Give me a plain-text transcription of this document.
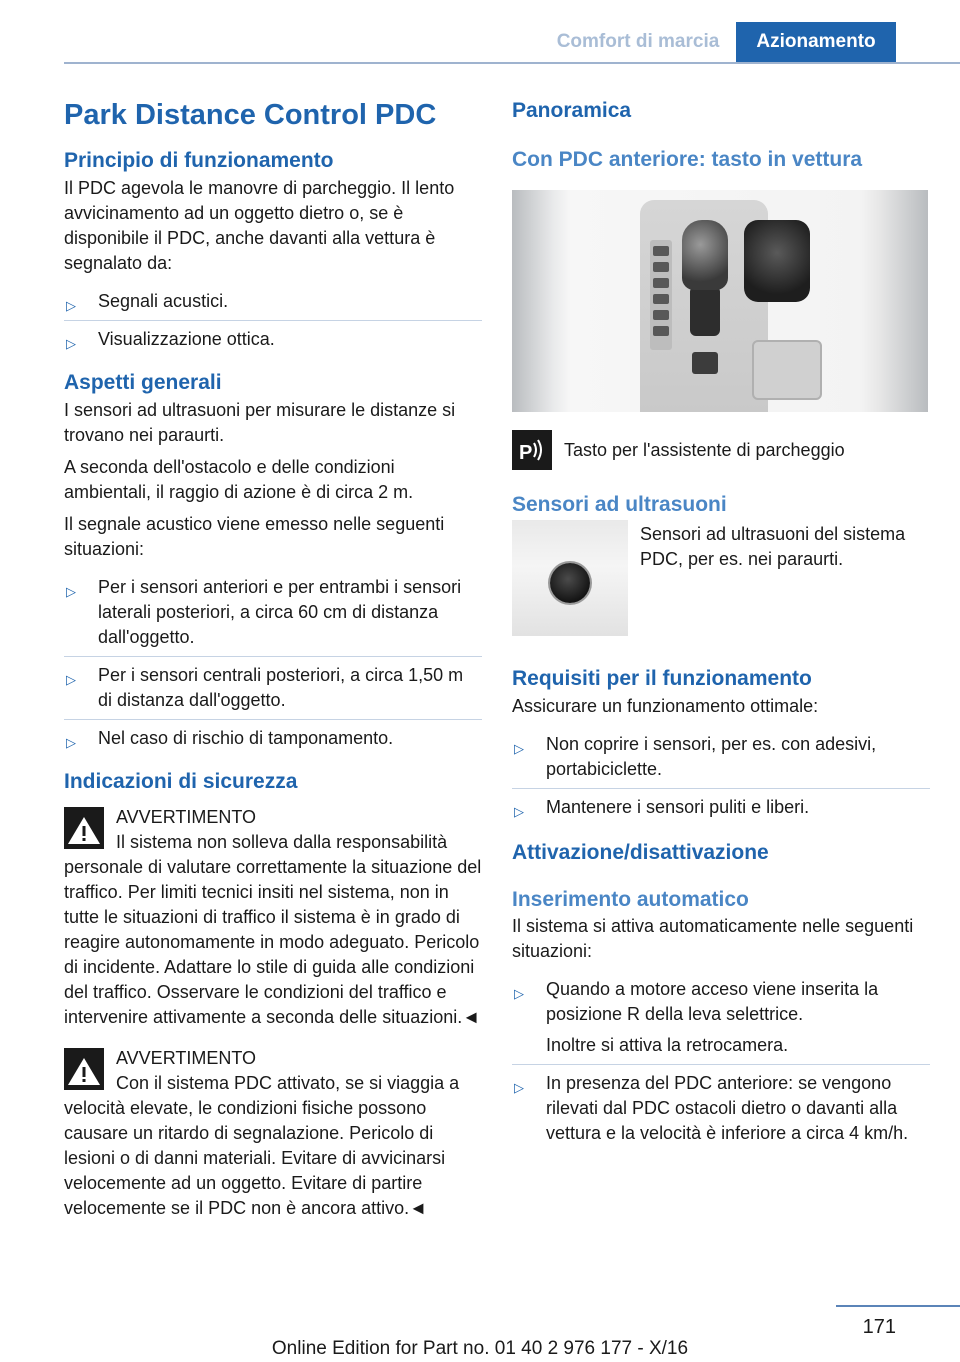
Comfort di marcia	Azionamento
Park Distance Control PDC
Principio di funzionamento

Il PDC agevola le manovre di parcheggio. Il lento avvicinamento ad un oggetto dietro o, se è disponibile il PDC, anche davanti alla vettura è segnalato da:

▷ Segnali acustici.
▷ Visualizzazione ottica.
Aspetti generali

I sensori ad ultrasuoni per misurare le distanze si trovano nei paraurti.

A seconda dell'ostacolo e delle condizioni ambientali, il raggio di azione è di circa 2 m.

Il segnale acustico viene emesso nelle seguenti situazioni:

▷ Per i sensori anteriori e per entrambi i sensori laterali posteriori, a circa 60 cm di distanza dall'oggetto.
▷ Per i sensori centrali posteriori, a circa 1,50 m di distanza dall'oggetto.
▷ Nel caso di rischio di tamponamento.
Indicazioni di sicurezza

AVVERTIMENTO

Il sistema non solleva dalla responsabilità personale di valutare correttamente la situazione del traffico. Per limiti tecnici insiti nel sistema, non in tutte le situazioni di traffico il sistema è in grado di reagire autonomamente in modo adeguato. Pericolo di incidente. Adattare lo stile di guida alle condizioni del traffico. Osservare le condizioni del traffico e intervenire attivamente a seconda delle situazioni.◄

AVVERTIMENTO

Con il sistema PDC attivato, se si viaggia a velocità elevate, le condizioni fisiche possono causare un ritardo di segnalazione. Pericolo di lesioni o di danni materiali. Evitare di avvicinarsi velocemente ad un oggetto. Evitare di partire velocemente se il PDC non è ancora attivo.◄

Panoramica
Con PDC anteriore: tasto in vettura
P Tasto per l'assistente di parcheggio

Sensori ad ultrasuoni

Sensori ad ultrasuoni del sistema PDC, per es. nei paraurti.

Requisiti per il funzionamento

Assicurare un funzionamento ottimale:

▷ Non coprire i sensori, per es. con adesivi, portabiciclette.
▷ Mantenere i sensori puliti e liberi.
Attivazione/disattivazione
Inserimento automatico

Il sistema si attiva automaticamente nelle seguenti situazioni:

▷ Quando a motore acceso viene inserita la posizione R della leva selettrice.
Inoltre si attiva la retrocamera.
▷ In presenza del PDC anteriore: se vengono rilevati dal PDC ostacoli dietro o davanti alla vettura e la velocità è inferiore a circa 4 km/h.
171
Online Edition for Part no. 01 40 2 976 177 - X/16
